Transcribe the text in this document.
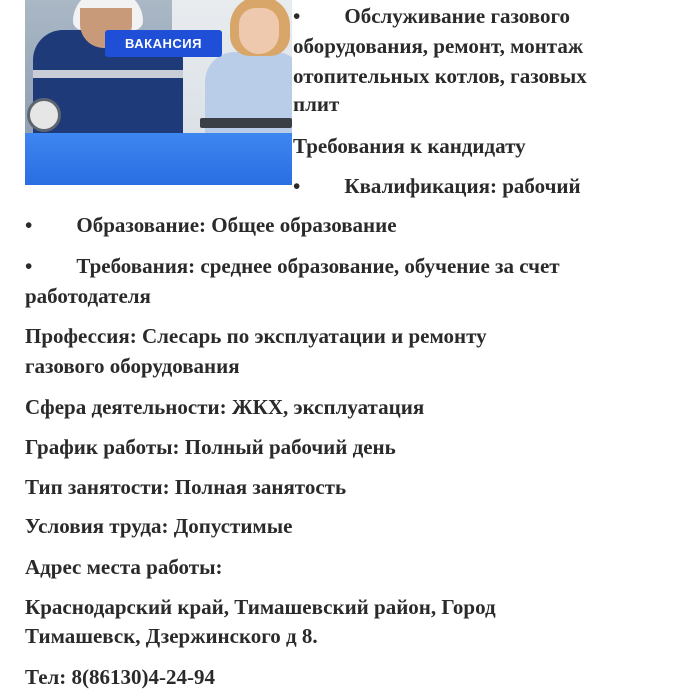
ВАКАНСИЯ
• Обслуживание газового
оборудования, ремонт, монтаж
отопительных котлов, газовых
плит
Требования к кандидату
• Квалификация: рабочий
• Образование: Общее образование
• Требования: среднее образование, обучение за счет
работодателя
Профессия: Слесарь по эксплуатации и ремонту
газового оборудования
Сфера деятельности: ЖКХ, эксплуатация
График работы: Полный рабочий день
Тип занятости: Полная занятость
Условия труда: Допустимые
Адрес места работы:
Краснодарский край, Тимашевский район, Город
Тимашевск, Дзержинского д 8.
Тел: 8(86130)4-24-94
